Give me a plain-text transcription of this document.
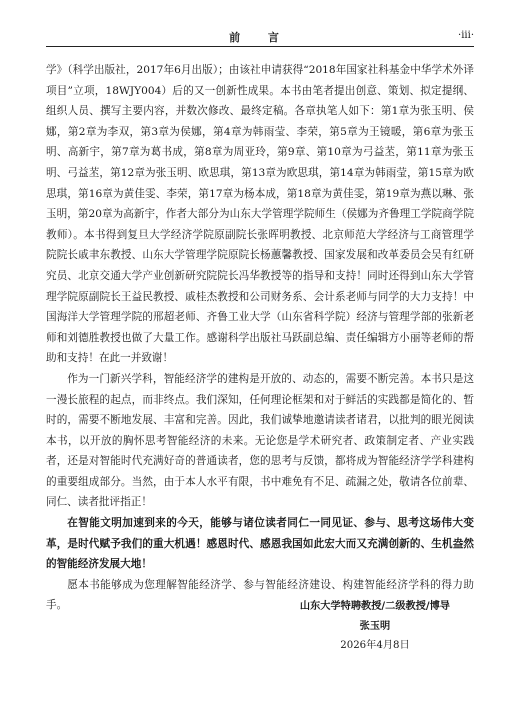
前 言	·iii·

学》（科学出版社，2017年6月出版）；由该社申请获得“2018年国家社科基金中华学术外译项目”立项，18WJY004）后的又一创新性成果。本书由笔者提出创意、策划、拟定提纲、组织人员、撰写主要内容，并数次修改、最终定稿。各章执笔人如下：第1章为张玉明、侯娜，第2章为李双，第3章为侯娜，第4章为韩雨莹、李荣，第5章为王镜暖，第6章为张玉明、高新宇，第7章为葛书成，第8章为周亚玲，第9章、第10章为弓益苤，第11章为张玉明、弓益苤，第12章为张玉明、欧思琪，第13章为欧思琪，第14章为韩雨莹，第15章为欧思琪，第16章为黄佳雯、李荣，第17章为杨本成，第18章为黄佳雯，第19章为燕以琳、张玉明，第20章为高新宇，作者大部分为山东大学管理学院师生（侯娜为齐鲁理工学院商学院教师）。本书得到复旦大学经济学院原副院长张晖明教授、北京师范大学经济与工商管理学院院长戚聿东教授、山东大学管理学院原院长杨蕙馨教授、国家发展和改革委员会吴有红研究员、北京交通大学产业创新研究院院长冯华教授等的指导和支持！同时还得到山东大学管理学院原副院长王益民教授、戚桂杰教授和公司财务系、会计系老师与同学的大力支持！中国海洋大学管理学院的邢超老师、齐鲁工业大学（山东省科学院）经济与管理学部的张新老师和刘德胜教授也做了大量工作。感谢科学出版社马跃副总编、责任编辑方小丽等老师的帮助和支持！在此一并致谢！

作为一门新兴学科，智能经济学的建构是开放的、动态的，需要不断完善。本书只是这一漫长旅程的起点，而非终点。我们深知，任何理论框架和对于鲜活的实践都是简化的、暂时的，需要不断地发展、丰富和完善。因此，我们诚挚地邀请读者诸君，以批判的眼光阅读本书，以开放的胸怀思考智能经济的未来。无论您是学术研究者、政策制定者、产业实践者，还是对智能时代充满好奇的普通读者，您的思考与反馈，都将成为智能经济学学科建构的重要组成部分。当然，由于本人水平有限，书中难免有不足、疏漏之处，敬请各位前辈、同仁、读者批评指正！

在智能文明加速到来的今天，能够与诸位读者同仁一同见证、参与、思考这场伟大变革，是时代赋予我们的重大机遇！感恩时代、感恩我国如此宏大而又充满创新的、生机盎然的智能经济发展大地！

愿本书能够成为您理解智能经济学、参与智能经济建设、构建智能经济学科的得力助手。	山东大学特聘教授/二级教授/博导
张玉明
2026年4月8日
